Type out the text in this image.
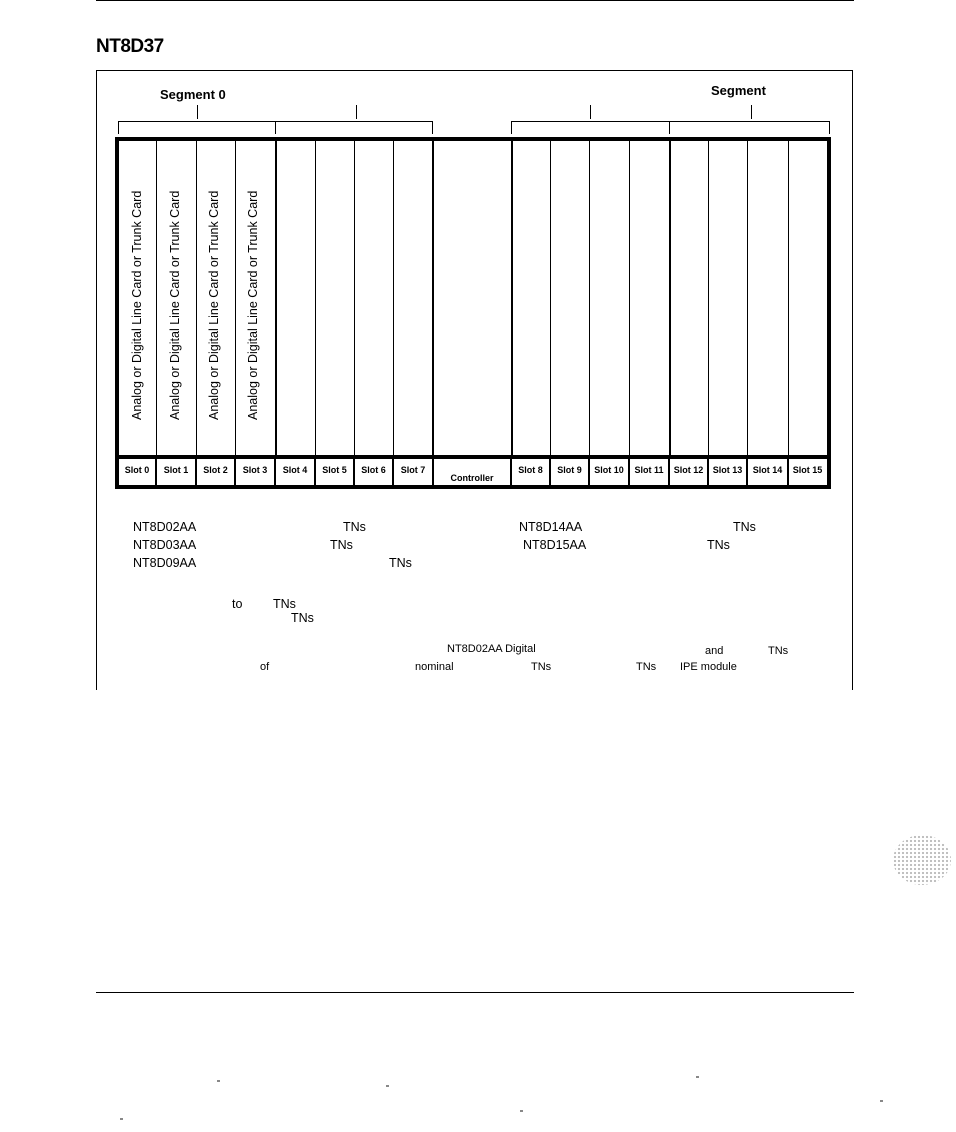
NT8D37
Segment 0	Segment
Slot 0	Slot 1	Slot 2	Slot 3	Slot 4	Slot 5	Slot 6	Slot 7
Controller
Slot 8	Slot 9	Slot 10	Slot 11	Slot 12	Slot 13	Slot 14	Slot 15
Analog or Digital Line Card or Trunk Card Analog or Digital Line Card or Trunk Card Analog or Digital Line Card or Trunk Card Analog or Digital Line Card or Trunk Card
NT8D02AA	TNs
NT8D03AA	TNs
NT8D09AA	TNs
NT8D14AA	TNs
NT8D15AA	TNs
to TNs
TNs
NT8D02AA Digital	and	TNs
of	nominal	TNs	TNs IPE module
